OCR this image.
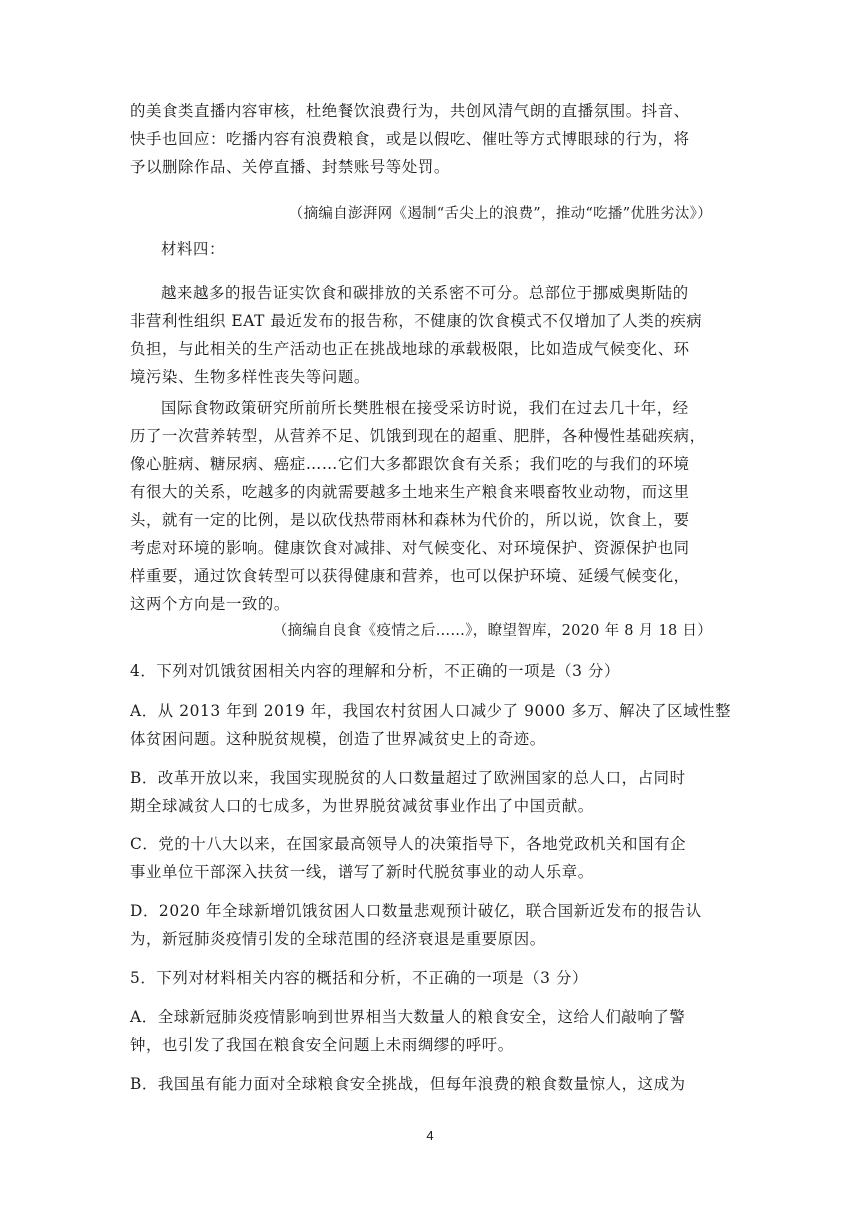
的美食类直播内容审核，杜绝餐饮浪费行为，共创风清气朗的直播氛围。抖音、
快手也回应：吃播内容有浪费粮食，或是以假吃、催吐等方式博眼球的行为，将
予以删除作品、关停直播、封禁账号等处罚。

（摘编自澎湃网《遏制“舌尖上的浪费”，推动“吃播”优胜劣汰》）

材料四：

越来越多的报告证实饮食和碳排放的关系密不可分。总部位于挪威奥斯陆的
非营利性组织 EAT 最近发布的报告称，不健康的饮食模式不仅增加了人类的疾病
负担，与此相关的生产活动也正在挑战地球的承载极限，比如造成气候变化、环
境污染、生物多样性丧失等问题。

国际食物政策研究所前所长樊胜根在接受采访时说，我们在过去几十年，经
历了一次营养转型，从营养不足、饥饿到现在的超重、肥胖，各种慢性基础疾病，
像心脏病、糖尿病、癌症……它们大多都跟饮食有关系；我们吃的与我们的环境
有很大的关系，吃越多的肉就需要越多土地来生产粮食来喂畜牧业动物，而这里
头，就有一定的比例，是以砍伐热带雨林和森林为代价的，所以说，饮食上，要
考虑对环境的影响。健康饮食对减排、对气候变化、对环境保护、资源保护也同
样重要，通过饮食转型可以获得健康和营养，也可以保护环境、延缓气候变化，
这两个方向是一致的。

（摘编自良食《疫情之后……》，瞭望智库，2020 年 8 月 18 日）

4．下列对饥饿贫困相关内容的理解和分析，不正确的一项是（3 分）

A．从 2013 年到 2019 年，我国农村贫困人口减少了 9000 多万、解决了区域性整
体贫困问题。这种脱贫规模，创造了世界减贫史上的奇迹。

B．改革开放以来，我国实现脱贫的人口数量超过了欧洲国家的总人口，占同时
期全球减贫人口的七成多，为世界脱贫减贫事业作出了中国贡献。

C．党的十八大以来，在国家最高领导人的决策指导下，各地党政机关和国有企
事业单位干部深入扶贫一线，谱写了新时代脱贫事业的动人乐章。

D．2020 年全球新增饥饿贫困人口数量悲观预计破亿，联合国新近发布的报告认
为，新冠肺炎疫情引发的全球范围的经济衰退是重要原因。

5．下列对材料相关内容的概括和分析，不正确的一项是（3 分）

A．全球新冠肺炎疫情影响到世界相当大数量人的粮食安全，这给人们敲响了警
钟，也引发了我国在粮食安全问题上未雨绸缪的呼吁。

B．我国虽有能力面对全球粮食安全挑战，但每年浪费的粮食数量惊人，这成为

4
